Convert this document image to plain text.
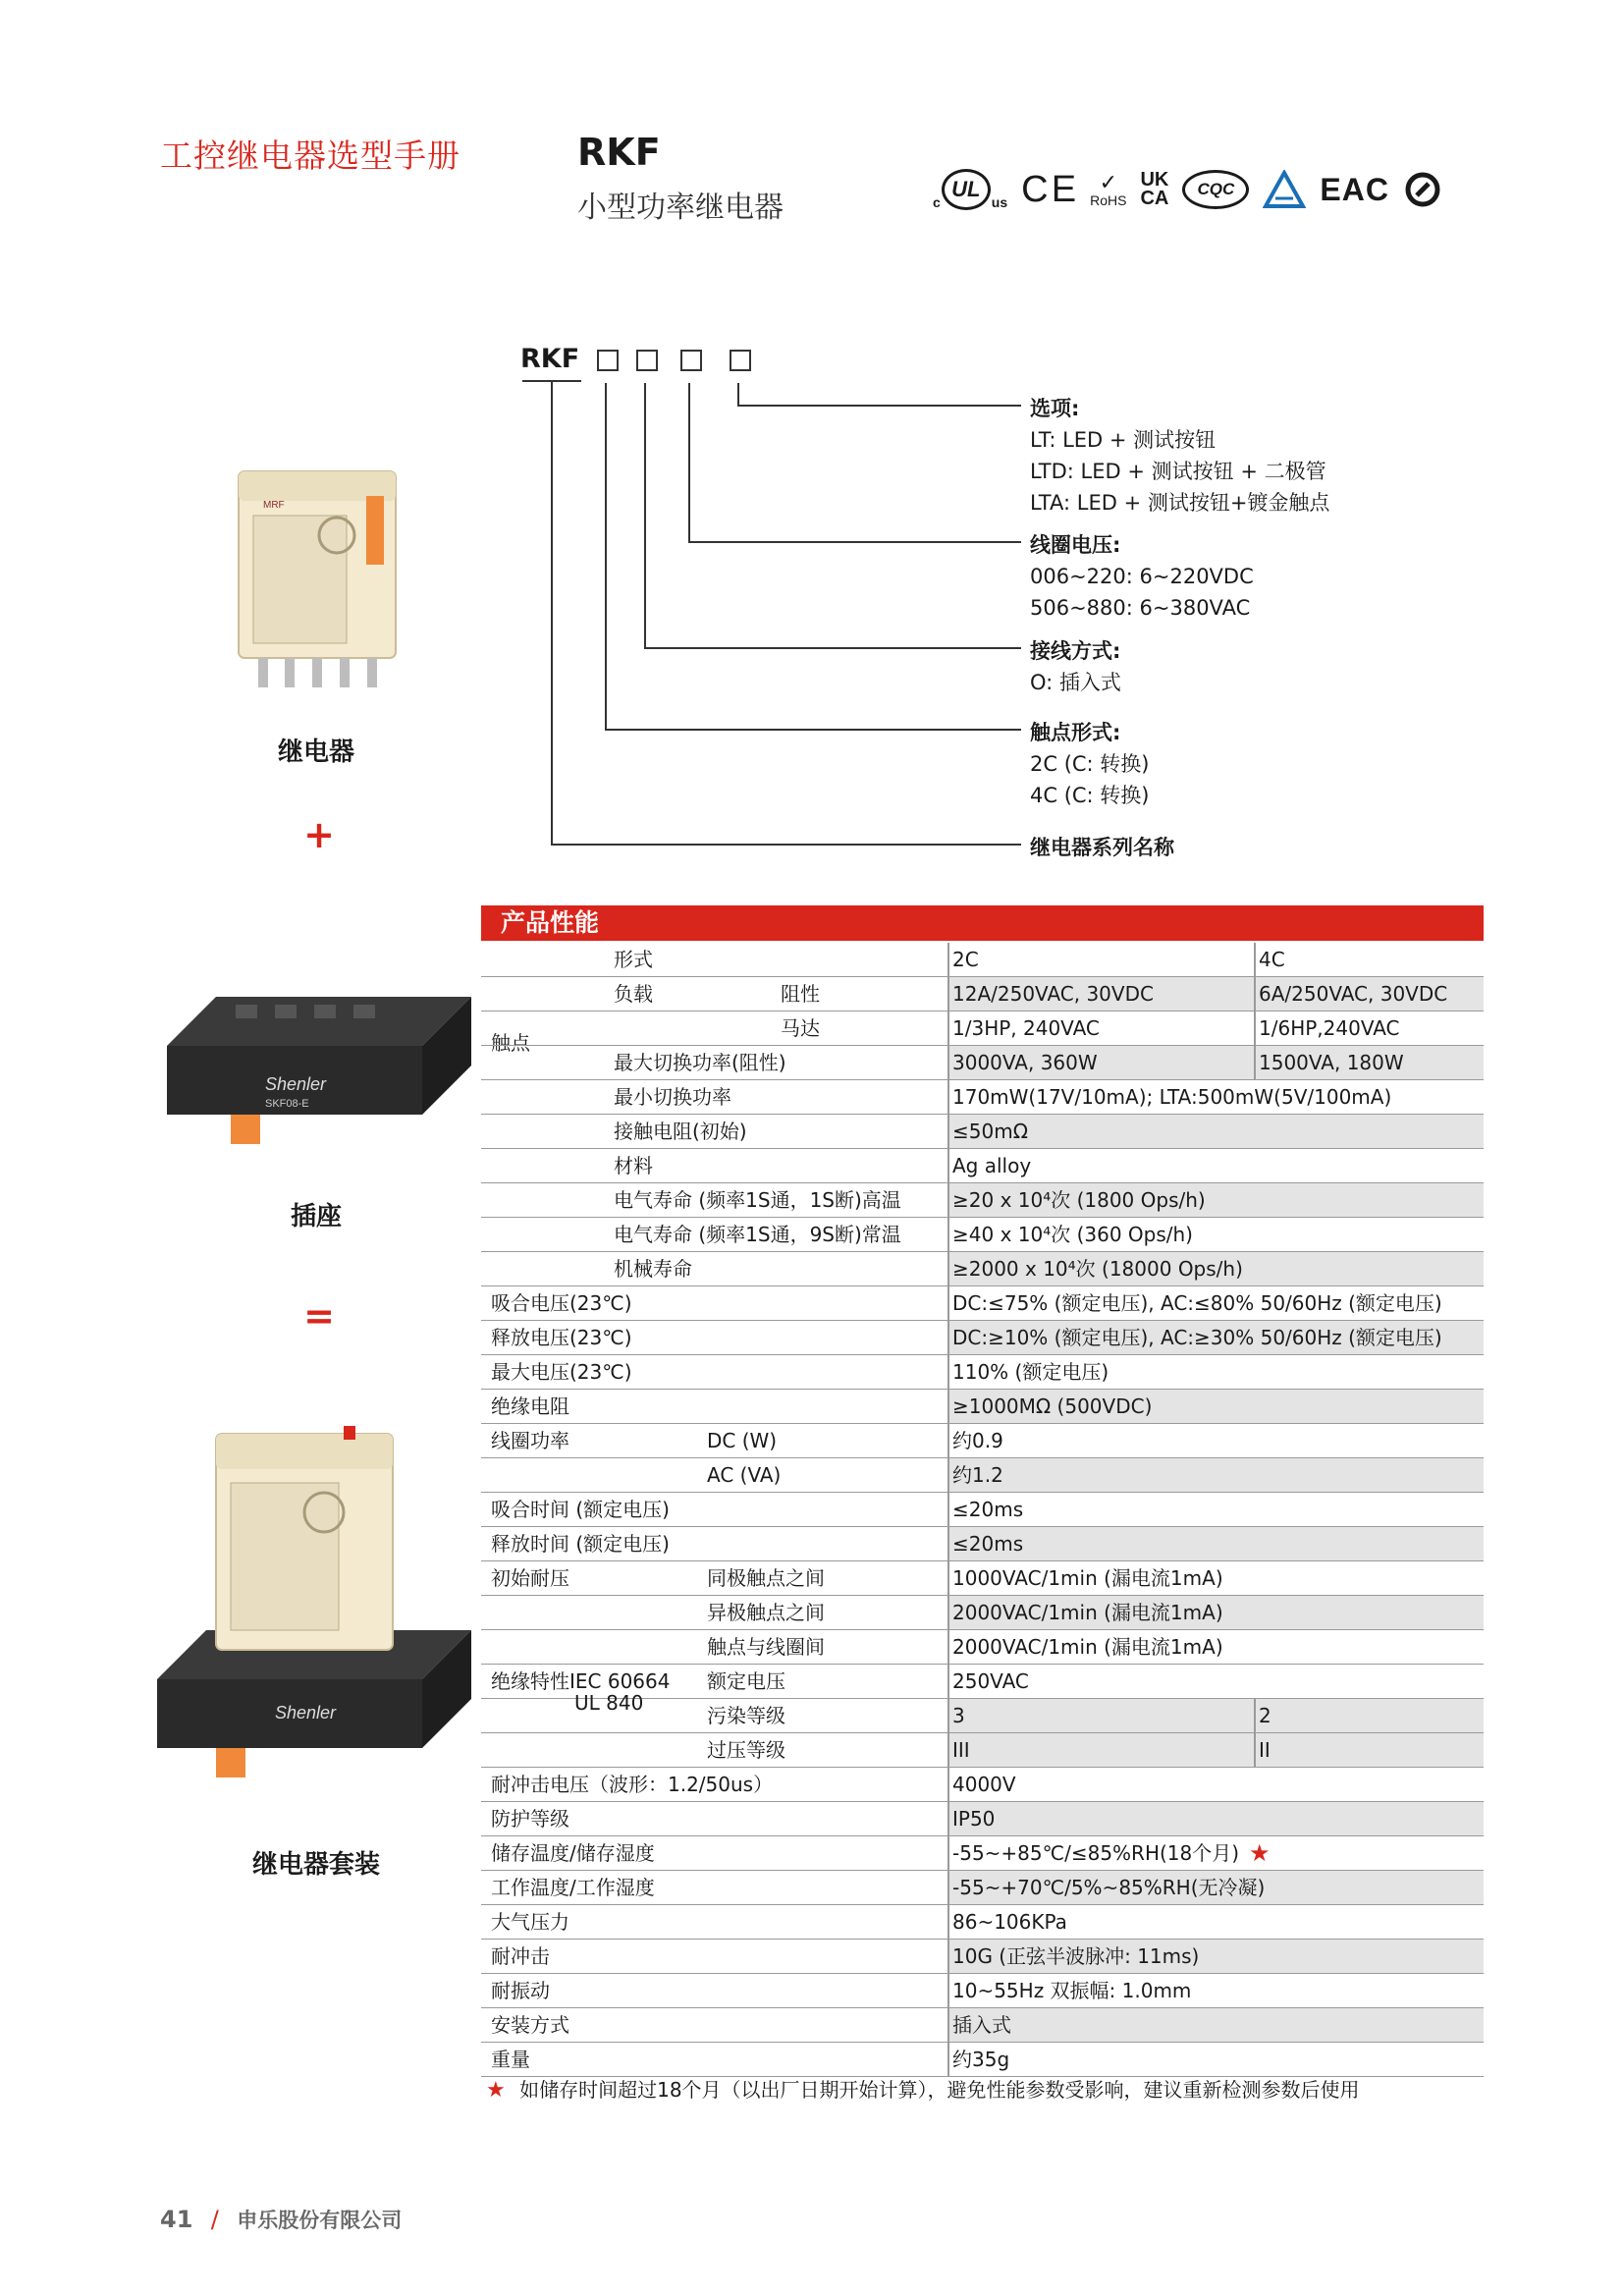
工控继电器选型手册	RKF
小型功率继电器	c
UL
us C E ✓
RoHS
UK
CA	CQC	EAC
RKF
选项:
LT: LED + 测试按钮
LTD: LED + 测试按钮 + 二极管
LTA: LED + 测试按钮+镀金触点
线圈电压:
006~220: 6~220VDC
506~880: 6~380VAC
接线方式:
O: 插入式
触点形式:
2C (C: 转换)
4C (C: 转换)
继电器系列名称
MRF
继电器
+
Shenler
SKF08-E
插座
=
Shenler
继电器套装
产品性能
形式	2C	4C
触点
负载	阻性	12A/250VAC, 30VDC	6A/250VAC, 30VDC
马达	1/3HP, 240VAC	1/6HP,240VAC
最大切换功率(阻性)	3000VA, 360W	1500VA, 180W
最小切换功率	170mW(17V/10mA); LTA:500mW(5V/100mA)
接触电阻(初始)	≤50mΩ
材料	Ag alloy
电气寿命 (频率1S通，1S断)高温	≥20 x 10⁴次 (1800 Ops/h)
电气寿命 (频率1S通，9S断)常温	≥40 x 10⁴次 (360 Ops/h)
机械寿命	≥2000 x 10⁴次 (18000 Ops/h)
吸合电压(23℃)	DC:≤75% (额定电压), AC:≤80% 50/60Hz (额定电压)
释放电压(23℃)	DC:≥10% (额定电压), AC:≥30% 50/60Hz (额定电压)
最大电压(23℃)	110% (额定电压)
绝缘电阻	≥1000MΩ (500VDC)
线圈功率	DC (W)	约0.9
AC (VA)	约1.2
吸合时间 (额定电压)	≤20ms
释放时间 (额定电压)	≤20ms
初始耐压	同极触点之间	1000VAC/1min (漏电流1mA)
异极触点之间	2000VAC/1min (漏电流1mA)
触点与线圈间	2000VAC/1min (漏电流1mA)
绝缘特性IEC 60664 额定电压	250VAC
UL 840
污染等级	3	2
过压等级	III	II
耐冲击电压（波形：1.2/50us）	4000V
防护等级	IP50
储存温度/储存湿度	-55~+85℃/≤85%RH(18个月) ★
工作温度/工作湿度	-55~+70℃/5%~85%RH(无冷凝)
大气压力	86~106KPa
耐冲击	10G (正弦半波脉冲: 11ms)
耐振动	10~55Hz 双振幅: 1.0mm
安装方式	插入式
重量	约35g
★ 如储存时间超过18个月（以出厂日期开始计算），避免性能参数受影响，建议重新检测参数后使用
41 / 申乐股份有限公司
